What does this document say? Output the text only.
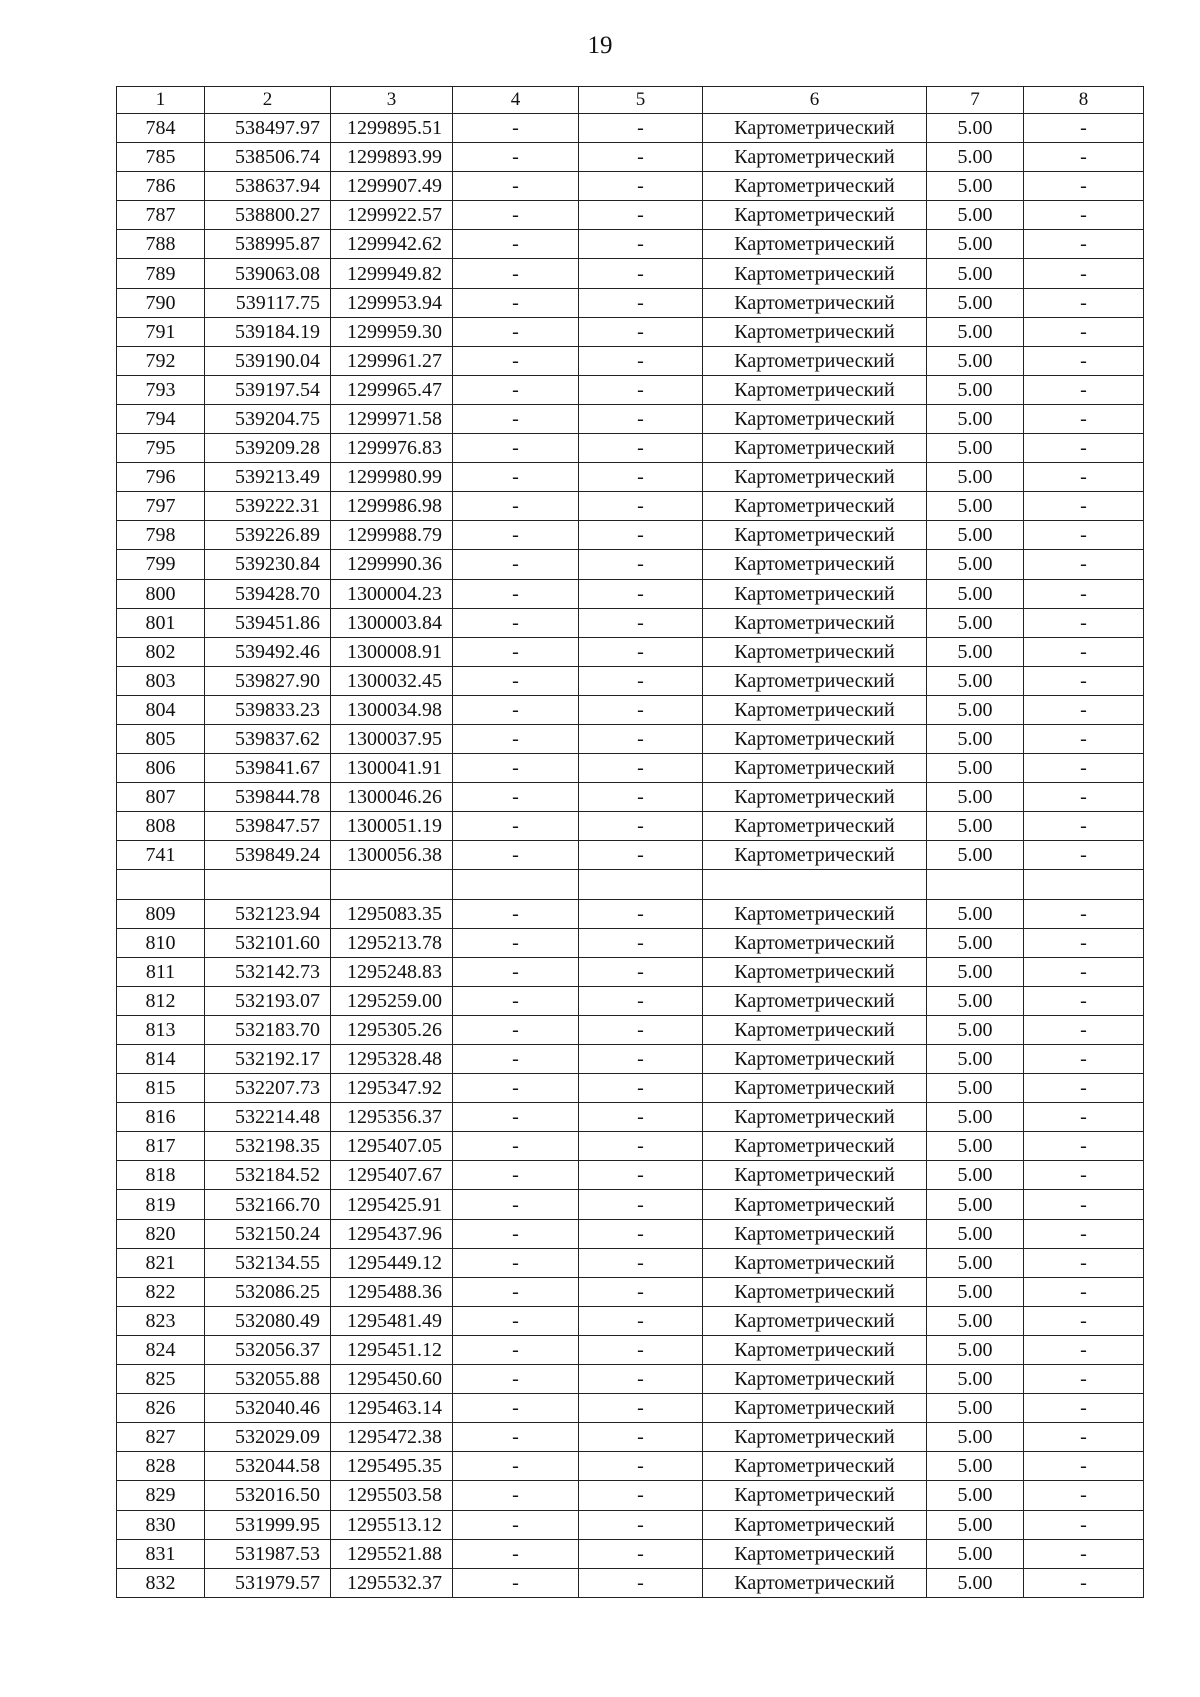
19
1	2	3	4	5	6	7	8
784	538497.97	1299895.51	-	-	Картометрический	5.00	-
785	538506.74	1299893.99	-	-	Картометрический	5.00	-
786	538637.94	1299907.49	-	-	Картометрический	5.00	-
787	538800.27	1299922.57	-	-	Картометрический	5.00	-
788	538995.87	1299942.62	-	-	Картометрический	5.00	-
789	539063.08	1299949.82	-	-	Картометрический	5.00	-
790	539117.75	1299953.94	-	-	Картометрический	5.00	-
791	539184.19	1299959.30	-	-	Картометрический	5.00	-
792	539190.04	1299961.27	-	-	Картометрический	5.00	-
793	539197.54	1299965.47	-	-	Картометрический	5.00	-
794	539204.75	1299971.58	-	-	Картометрический	5.00	-
795	539209.28	1299976.83	-	-	Картометрический	5.00	-
796	539213.49	1299980.99	-	-	Картометрический	5.00	-
797	539222.31	1299986.98	-	-	Картометрический	5.00	-
798	539226.89	1299988.79	-	-	Картометрический	5.00	-
799	539230.84	1299990.36	-	-	Картометрический	5.00	-
800	539428.70	1300004.23	-	-	Картометрический	5.00	-
801	539451.86	1300003.84	-	-	Картометрический	5.00	-
802	539492.46	1300008.91	-	-	Картометрический	5.00	-
803	539827.90	1300032.45	-	-	Картометрический	5.00	-
804	539833.23	1300034.98	-	-	Картометрический	5.00	-
805	539837.62	1300037.95	-	-	Картометрический	5.00	-
806	539841.67	1300041.91	-	-	Картометрический	5.00	-
807	539844.78	1300046.26	-	-	Картометрический	5.00	-
808	539847.57	1300051.19	-	-	Картометрический	5.00	-
741	539849.24	1300056.38	-	-	Картометрический	5.00	-

809	532123.94	1295083.35	-	-	Картометрический	5.00	-
810	532101.60	1295213.78	-	-	Картометрический	5.00	-
811	532142.73	1295248.83	-	-	Картометрический	5.00	-
812	532193.07	1295259.00	-	-	Картометрический	5.00	-
813	532183.70	1295305.26	-	-	Картометрический	5.00	-
814	532192.17	1295328.48	-	-	Картометрический	5.00	-
815	532207.73	1295347.92	-	-	Картометрический	5.00	-
816	532214.48	1295356.37	-	-	Картометрический	5.00	-
817	532198.35	1295407.05	-	-	Картометрический	5.00	-
818	532184.52	1295407.67	-	-	Картометрический	5.00	-
819	532166.70	1295425.91	-	-	Картометрический	5.00	-
820	532150.24	1295437.96	-	-	Картометрический	5.00	-
821	532134.55	1295449.12	-	-	Картометрический	5.00	-
822	532086.25	1295488.36	-	-	Картометрический	5.00	-
823	532080.49	1295481.49	-	-	Картометрический	5.00	-
824	532056.37	1295451.12	-	-	Картометрический	5.00	-
825	532055.88	1295450.60	-	-	Картометрический	5.00	-
826	532040.46	1295463.14	-	-	Картометрический	5.00	-
827	532029.09	1295472.38	-	-	Картометрический	5.00	-
828	532044.58	1295495.35	-	-	Картометрический	5.00	-
829	532016.50	1295503.58	-	-	Картометрический	5.00	-
830	531999.95	1295513.12	-	-	Картометрический	5.00	-
831	531987.53	1295521.88	-	-	Картометрический	5.00	-
832	531979.57	1295532.37	-	-	Картометрический	5.00	-
